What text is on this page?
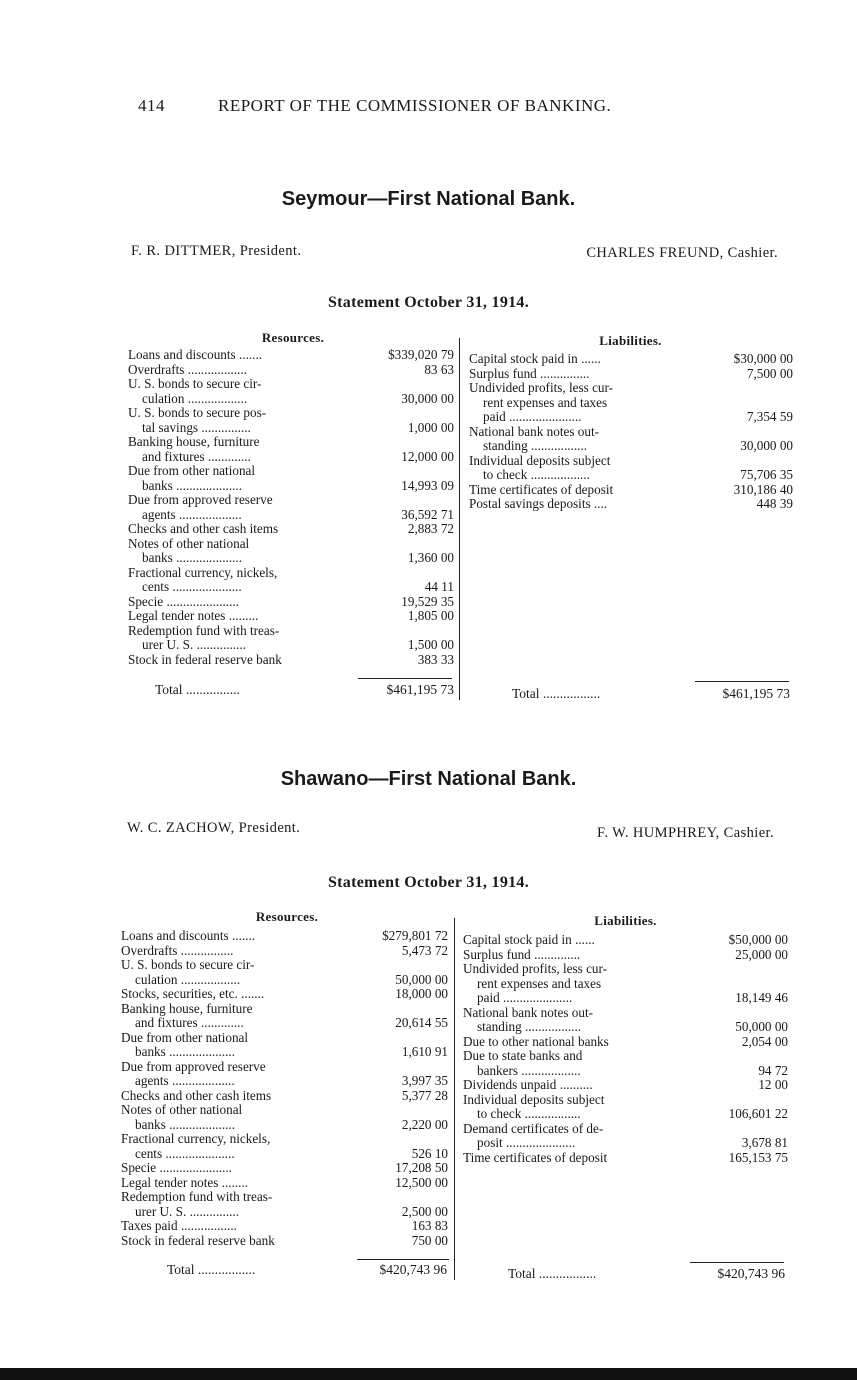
414	REPORT OF THE COMMISSIONER OF BANKING.
Seymour—First National Bank.
F. R. DITTMER, President.	CHARLES FREUND, Cashier.
Statement October 31, 1914.
Resources.	Liabilities.
Loans and discounts .......	$339,020 79
Overdrafts ..................	83 63
U. S. bonds to secure cir-
culation ..................	30,000 00
U. S. bonds to secure pos-
tal savings ...............	1,000 00
Banking house, furniture
and fixtures .............	12,000 00
Due from other national
banks ....................	14,993 09
Due from approved reserve
agents ...................	36,592 71
Checks and other cash items	2,883 72
Notes of other national
banks ....................	1,360 00
Fractional currency, nickels,
cents .....................	44 11
Specie ......................	19,529 35
Legal tender notes .........	1,805 00
Redemption fund with treas-
urer U. S. ...............	1,500 00
Stock in federal reserve bank	383 33
Capital stock paid in ......	$30,000 00
Surplus fund ...............	7,500 00
Undivided profits, less cur-
rent expenses and taxes
paid ......................	7,354 59
National bank notes out-
standing .................	30,000 00
Individual deposits subject
to check ..................	75,706 35
Time certificates of deposit	310,186 40
Postal savings deposits ....	448 39
Total ................	$461,195 73	Total .................	$461,195 73
Shawano—First National Bank.
W. C. ZACHOW, President.	F. W. HUMPHREY, Cashier.
Statement October 31, 1914.
Resources.	Liabilities.
Loans and discounts .......	$279,801 72
Overdrafts ................	5,473 72
U. S. bonds to secure cir-
culation ..................	50,000 00
Stocks, securities, etc. .......	18,000 00
Banking house, furniture
and fixtures .............	20,614 55
Due from other national
banks ....................	1,610 91
Due from approved reserve
agents ...................	3,997 35
Checks and other cash items	5,377 28
Notes of other national
banks ....................	2,220 00
Fractional currency, nickels,
cents .....................	526 10
Specie ......................	17,208 50
Legal tender notes ........	12,500 00
Redemption fund with treas-
urer U. S. ...............	2,500 00
Taxes paid .................	163 83
Stock in federal reserve bank	750 00
Capital stock paid in ......	$50,000 00
Surplus fund ..............	25,000 00
Undivided profits, less cur-
rent expenses and taxes
paid .....................	18,149 46
National bank notes out-
standing .................	50,000 00
Due to other national banks	2,054 00
Due to state banks and
bankers ..................	94 72
Dividends unpaid ..........	12 00
Individual deposits subject
to check .................	106,601 22
Demand certificates of de-
posit .....................	3,678 81
Time certificates of deposit	165,153 75
Total .................	$420,743 96	Total .................	$420,743 96
